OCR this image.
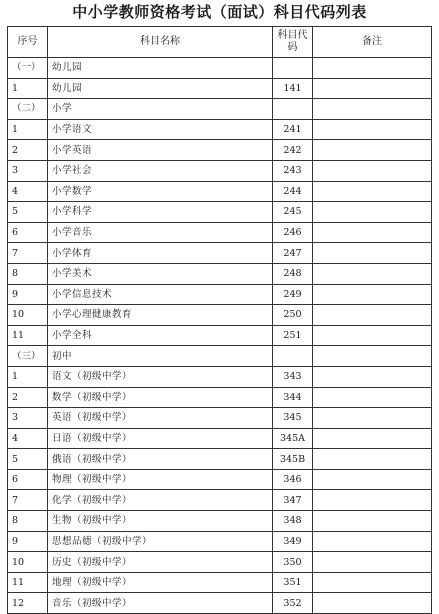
中小学教师资格考试（面试）科目代码列表
序号	科目名称	科目代码	备注
（一）	幼儿园		
1	幼儿园	141	
（二）	小学		
1	小学语文	241	
2	小学英语	242	
3	小学社会	243	
4	小学数学	244	
5	小学科学	245	
6	小学音乐	246	
7	小学体育	247	
8	小学美术	248	
9	小学信息技术	249	
10	小学心理健康教育	250	
11	小学全科	251	
（三）	初中		
1	语文（初级中学）	343	
2	数学（初级中学）	344	
3	英语（初级中学）	345	
4	日语（初级中学）	345A	
5	俄语（初级中学）	345B	
6	物理（初级中学）	346	
7	化学（初级中学）	347	
8	生物（初级中学）	348	
9	思想品德（初级中学）	349	
10	历史（初级中学）	350	
11	地理（初级中学）	351	
12	音乐（初级中学）	352	
